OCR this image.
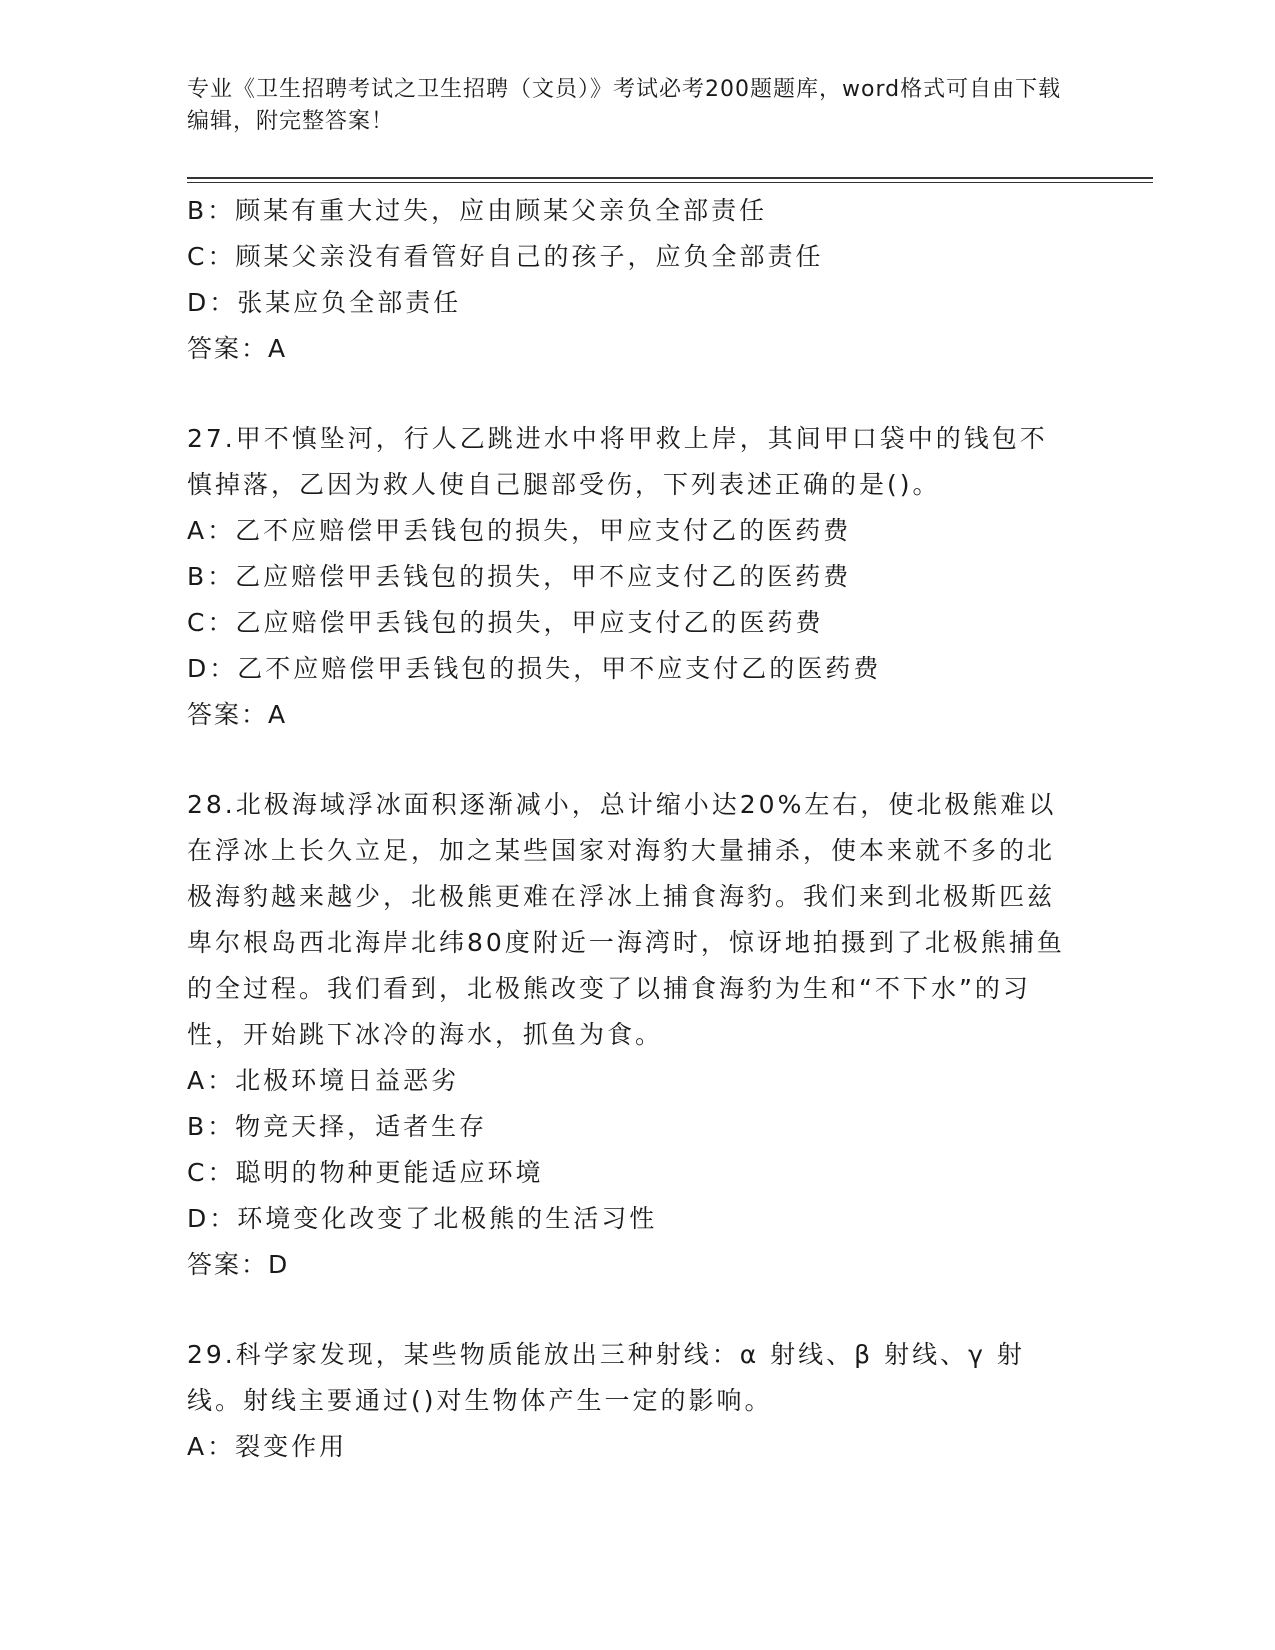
专业《卫生招聘考试之卫生招聘（文员）》考试必考200题题库，word格式可自由下载编辑，附完整答案！

B：顾某有重大过失，应由顾某父亲负全部责任

C：顾某父亲没有看管好自己的孩子，应负全部责任

D：张某应负全部责任

答案：A

27.甲不慎坠河，行人乙跳进水中将甲救上岸，其间甲口袋中的钱包不慎掉落，乙因为救人使自己腿部受伤，下列表述正确的是()。

A：乙不应赔偿甲丢钱包的损失，甲应支付乙的医药费

B：乙应赔偿甲丢钱包的损失，甲不应支付乙的医药费

C：乙应赔偿甲丢钱包的损失，甲应支付乙的医药费

D：乙不应赔偿甲丢钱包的损失，甲不应支付乙的医药费

答案：A

28.北极海域浮冰面积逐渐减小，总计缩小达20%左右，使北极熊难以在浮冰上长久立足，加之某些国家对海豹大量捕杀，使本来就不多的北极海豹越来越少，北极熊更难在浮冰上捕食海豹。我们来到北极斯匹兹卑尔根岛西北海岸北纬80度附近一海湾时，惊讶地拍摄到了北极熊捕鱼的全过程。我们看到，北极熊改变了以捕食海豹为生和“不下水”的习性，开始跳下冰冷的海水，抓鱼为食。

A：北极环境日益恶劣

B：物竞天择，适者生存

C：聪明的物种更能适应环境

D：环境变化改变了北极熊的生活习性

答案：D

29.科学家发现，某些物质能放出三种射线：α 射线、β 射线、γ 射线。射线主要通过()对生物体产生一定的影响。

A：裂变作用
